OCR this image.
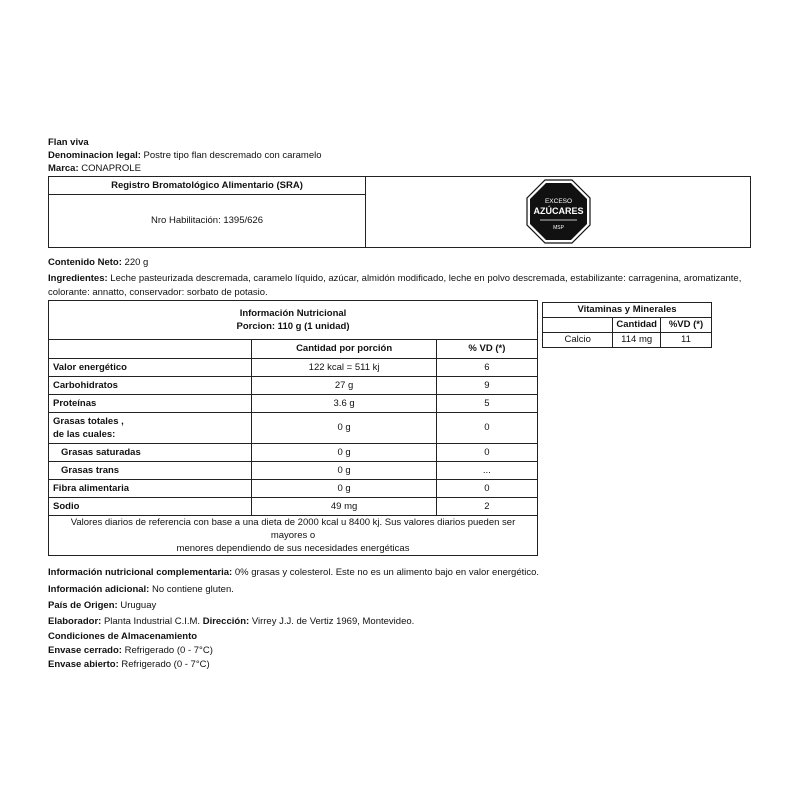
Flan viva
Denominacion legal: Postre tipo flan descremado con caramelo
Marca: CONAPROLE
Registro Bromatológico Alimentario (SRA)
Nro Habilitación: 1395/626
EXCESO
AZÚCARES
MSP
Contenido Neto: 220 g
Ingredientes: Leche pasteurizada descremada, caramelo líquido, azúcar, almidón modificado, leche en polvo descremada, estabilizante: carragenina, aromatizante,
colorante: annatto, conservador: sorbato de potasio.
Información Nutricional
Porcion: 110 g (1 unidad)		

	Cantidad por porción	% VD (*)
Valor energético	122 kcal = 511 kj	6
Carbohidratos	27 g	9
Proteínas	3.6 g	5

Grasas totales ,
de las cuales:	0 g	0
Grasas saturadas	0 g	0
Grasas trans	0 g	...
Fibra alimentaria	0 g	0
Sodio	49 mg	2

Valores diarios de referencia con base a una dieta de 2000 kcal u 8400 kj. Sus valores diarios pueden ser mayores o
menores dependiendo de sus necesidades energéticas		
Vitaminas y Minerales		
	Cantidad	%VD (*)
Calcio	114 mg	11
Información nutricional complementaria: 0% grasas y colesterol. Este no es un alimento bajo en valor energético.
Información adicional: No contiene gluten.
País de Origen: Uruguay
Elaborador: Planta Industrial C.I.M. Dirección: Virrey J.J. de Vertiz 1969, Montevideo.
Condiciones de Almacenamiento
Envase cerrado: Refrigerado (0 - 7°C)
Envase abierto: Refrigerado (0 - 7°C)
